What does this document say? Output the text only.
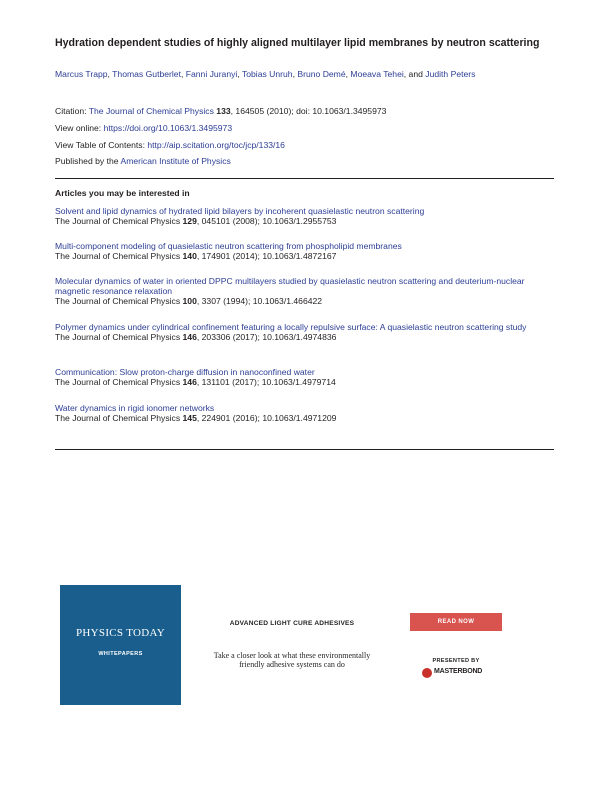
Hydration dependent studies of highly aligned multilayer lipid membranes by neutron scattering
Marcus Trapp, Thomas Gutberlet, Fanni Juranyi, Tobias Unruh, Bruno Demé, Moeava Tehei, and Judith Peters
Citation: The Journal of Chemical Physics 133, 164505 (2010); doi: 10.1063/1.3495973
View online: https://doi.org/10.1063/1.3495973
View Table of Contents: http://aip.scitation.org/toc/jcp/133/16
Published by the American Institute of Physics
Articles you may be interested in
Solvent and lipid dynamics of hydrated lipid bilayers by incoherent quasielastic neutron scattering
The Journal of Chemical Physics 129, 045101 (2008); 10.1063/1.2955753
Multi-component modeling of quasielastic neutron scattering from phospholipid membranes
The Journal of Chemical Physics 140, 174901 (2014); 10.1063/1.4872167
Molecular dynamics of water in oriented DPPC multilayers studied by quasielastic neutron scattering and deuterium-nuclear magnetic resonance relaxation
The Journal of Chemical Physics 100, 3307 (1994); 10.1063/1.466422
Polymer dynamics under cylindrical confinement featuring a locally repulsive surface: A quasielastic neutron scattering study
The Journal of Chemical Physics 146, 203306 (2017); 10.1063/1.4974836
Communication: Slow proton-charge diffusion in nanoconfined water
The Journal of Chemical Physics 146, 131101 (2017); 10.1063/1.4979714
Water dynamics in rigid ionomer networks
The Journal of Chemical Physics 145, 224901 (2016); 10.1063/1.4971209
PHYSICS TODAY
WHITEPAPERS
ADVANCED LIGHT CURE ADHESIVES
Take a closer look at what these environmentally friendly adhesive systems can do
READ NOW
PRESENTED BY
MASTERBOND
